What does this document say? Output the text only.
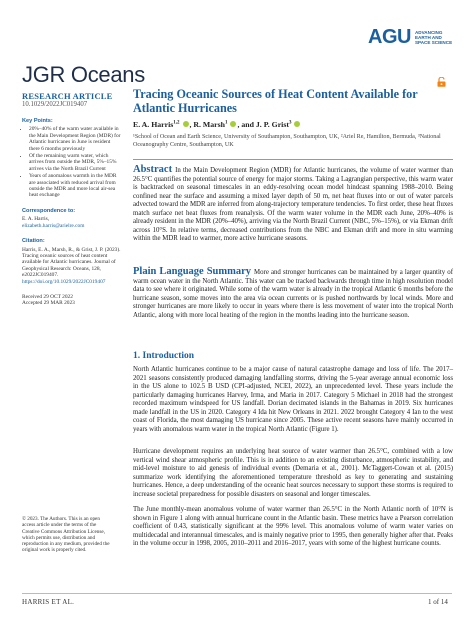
AGU ADVANCING
EARTH AND
SPACE SCIENCE
JGR Oceans
RESEARCH ARTICLE
10.1029/2022JC019407
Key Points:
• 20%–40% of the warm water available in the Main Development Region (MDR) for Atlantic hurricanes in June is resident there 6 months previously
• Of the remaining warm water, which arrives from outside the MDR, 5%–15% arrives via the North Brazil Current
• Years of anomalous warmth in the MDR are associated with reduced arrival from outside the MDR and more local air-sea heat exchange
Correspondence to:
E. A. Harris,
elizabeth.harris@arielre.com
Citation:
Harris, E. A., Marsh, R., & Grist, J. P. (2023). Tracing oceanic sources of heat content available for Atlantic hurricanes. Journal of Geophysical Research: Oceans, 128, e2022JC019407. https://doi.org/10.1029/2022JC019407
Received 29 OCT 2022
Accepted 29 MAR 2023
© 2023. The Authors. This is an open access article under the terms of the Creative Commons Attribution License, which permits use, distribution and reproduction in any medium, provided the original work is properly cited.
Tracing Oceanic Sources of Heat Content Available for Atlantic Hurricanes
E. A. Harris$^{1,2}$ , R. Marsh$^1$ , and J. P. Grist$^3$
¹School of Ocean and Earth Science, University of Southampton, Southampton, UK, ²Ariel Re, Hamilton, Bermuda, ³National Oceanography Centre, Southampton, UK
Abstract In the Main Development Region (MDR) for Atlantic hurricanes, the volume of water warmer than 26.5°C quantifies the potential source of energy for major storms. Taking a Lagrangian perspective, this warm water is backtracked on seasonal timescales in an eddy-resolving ocean model hindcast spanning 1988–2010. Being confined near the surface and assuming a mixed layer depth of 50 m, net heat fluxes into or out of water parcels advected toward the MDR are inferred from along-trajectory temperature tendencies. To first order, these heat fluxes match surface net heat fluxes from reanalysis. Of the warm water volume in the MDR each June, 20%–40% is already resident in the MDR (20%–40%), arriving via the North Brazil Current (NBC, 5%–15%), or via Ekman drift across 10°S. In relative terms, decreased contributions from the NBC and Ekman drift and more in situ warming within the MDR lead to warmer, more active hurricane seasons.
Plain Language Summary More and stronger hurricanes can be maintained by a larger quantity of warm ocean water in the North Atlantic. This water can be tracked backwards through time in high resolution model data to see where it originated. While some of the warm water is already in the tropical Atlantic 6 months before the hurricane season, some moves into the area via ocean currents or is pushed northwards by local winds. More and stronger hurricanes are more likely to occur in years where there is less movement of water into the tropical North Atlantic, along with more local heating of the region in the months leading into the hurricane season.
1. Introduction
North Atlantic hurricanes continue to be a major cause of natural catastrophe damage and loss of life. The 2017–2021 seasons consistently produced damaging landfalling storms, driving the 5-year average annual economic loss in the US alone to 102.5 B USD (CPI-adjusted, NCEI, 2022), an unprecedented level. These years include the particularly damaging hurricanes Harvey, Irma, and Maria in 2017. Category 5 Michael in 2018 had the strongest recorded maximum windspeed for US landfall. Dorian decimated islands in the Bahamas in 2019. Six hurricanes made landfall in the US in 2020. Category 4 Ida hit New Orleans in 2021. 2022 brought Category 4 Ian to the west coast of Florida, the most damaging US hurricane since 2005. These active recent seasons have mainly occurred in years with anomalous warm water in the tropical North Atlantic (Figure 1).
Hurricane development requires an underlying heat source of water warmer than 26.5°C, combined with a low vertical wind shear atmospheric profile. This is in addition to an existing disturbance, atmospheric instability, and mid-level moisture to aid genesis of individual events (Demaria et al., 2001). McTaggert-Cowan et al. (2015) summarize work identifying the aforementioned temperature threshold as key to generating and sustaining hurricanes. Hence, a deep understanding of the oceanic heat sources necessary to support these storms is required to increase societal preparedness for possible disasters on seasonal and longer timescales.
The June monthly-mean anomalous volume of water warmer than 26.5°C in the North Atlantic north of 10°N is shown in Figure 1 along with annual hurricane count in the Atlantic basin. These metrics have a Pearson correlation coefficient of 0.43, statistically significant at the 99% level. This anomalous volume of warm water varies on multidecadal and interannual timescales, and is mainly negative prior to 1995, then generally higher after that. Peaks in the volume occur in 1998, 2005, 2010–2011 and 2016–2017, years with some of the highest hurricane counts.
HARRIS ET AL.	1 of 14
